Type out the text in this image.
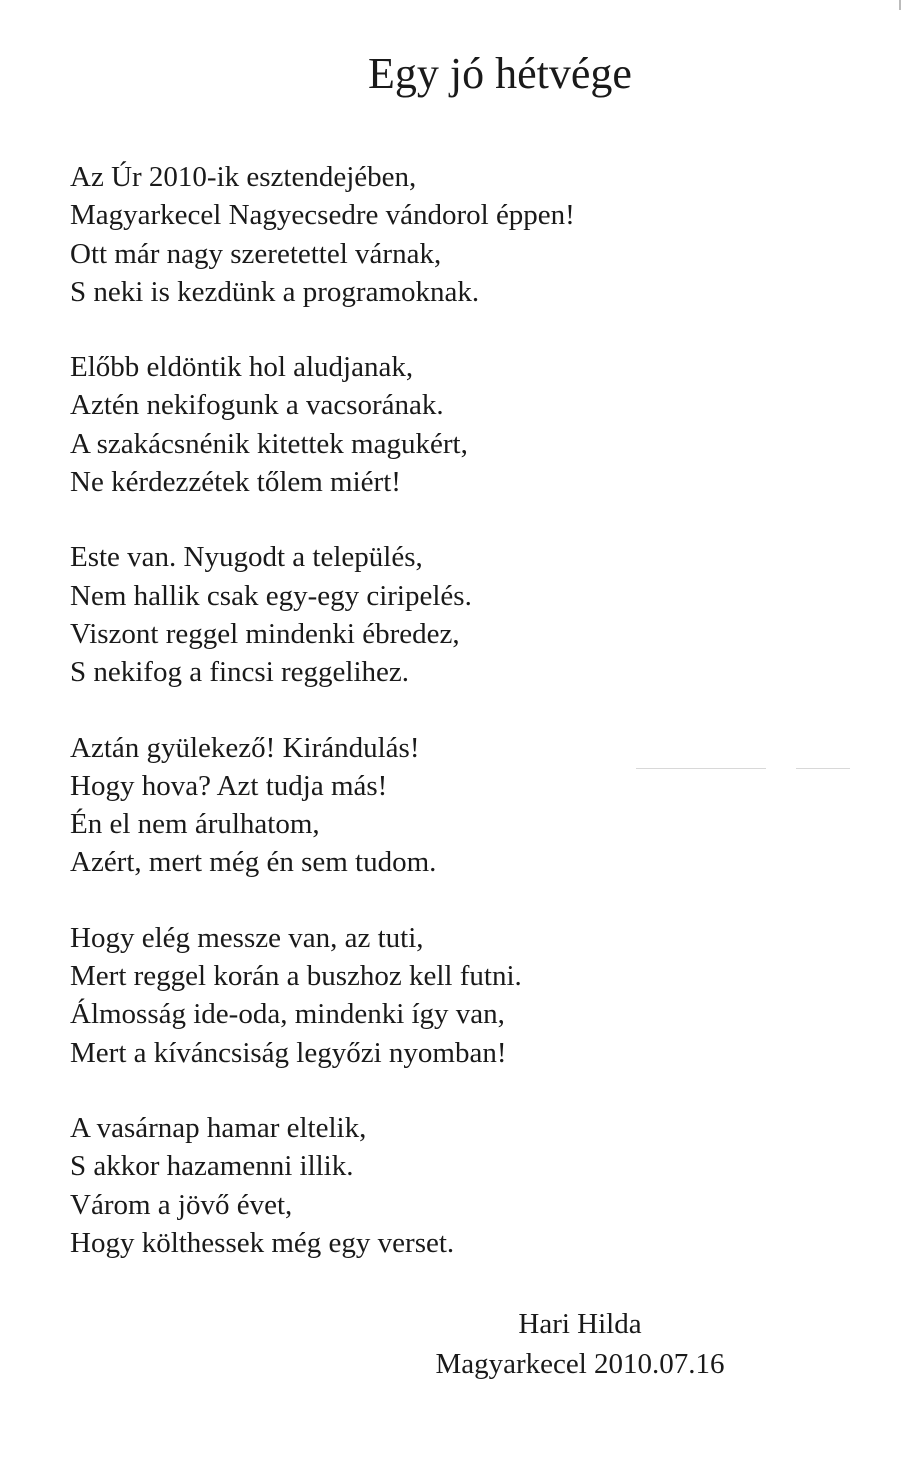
Egy jó hétvége
Az Úr 2010-ik esztendejében,
Magyarkecel Nagyecsedre vándorol éppen!
Ott már nagy szeretettel várnak,
S neki is kezdünk a programoknak.
Előbb eldöntik hol aludjanak,
Aztén nekifogunk a vacsorának.
A szakácsnénik kitettek magukért,
Ne kérdezzétek tőlem miért!
Este van. Nyugodt a település,
Nem hallik csak egy-egy ciripelés.
Viszont reggel mindenki ébredez,
S nekifog a fincsi reggelihez.
Aztán gyülekező! Kirándulás!
Hogy hova? Azt tudja más!
Én el nem árulhatom,
Azért, mert még én sem tudom.
Hogy elég messze van, az tuti,
Mert reggel korán a buszhoz kell futni.
Álmosság ide-oda, mindenki így van,
Mert a kíváncsiság legyőzi nyomban!
A vasárnap hamar eltelik,
S akkor hazamenni illik.
Várom a jövő évet,
Hogy költhessek még egy verset.
Hari Hilda
Magyarkecel 2010.07.16
